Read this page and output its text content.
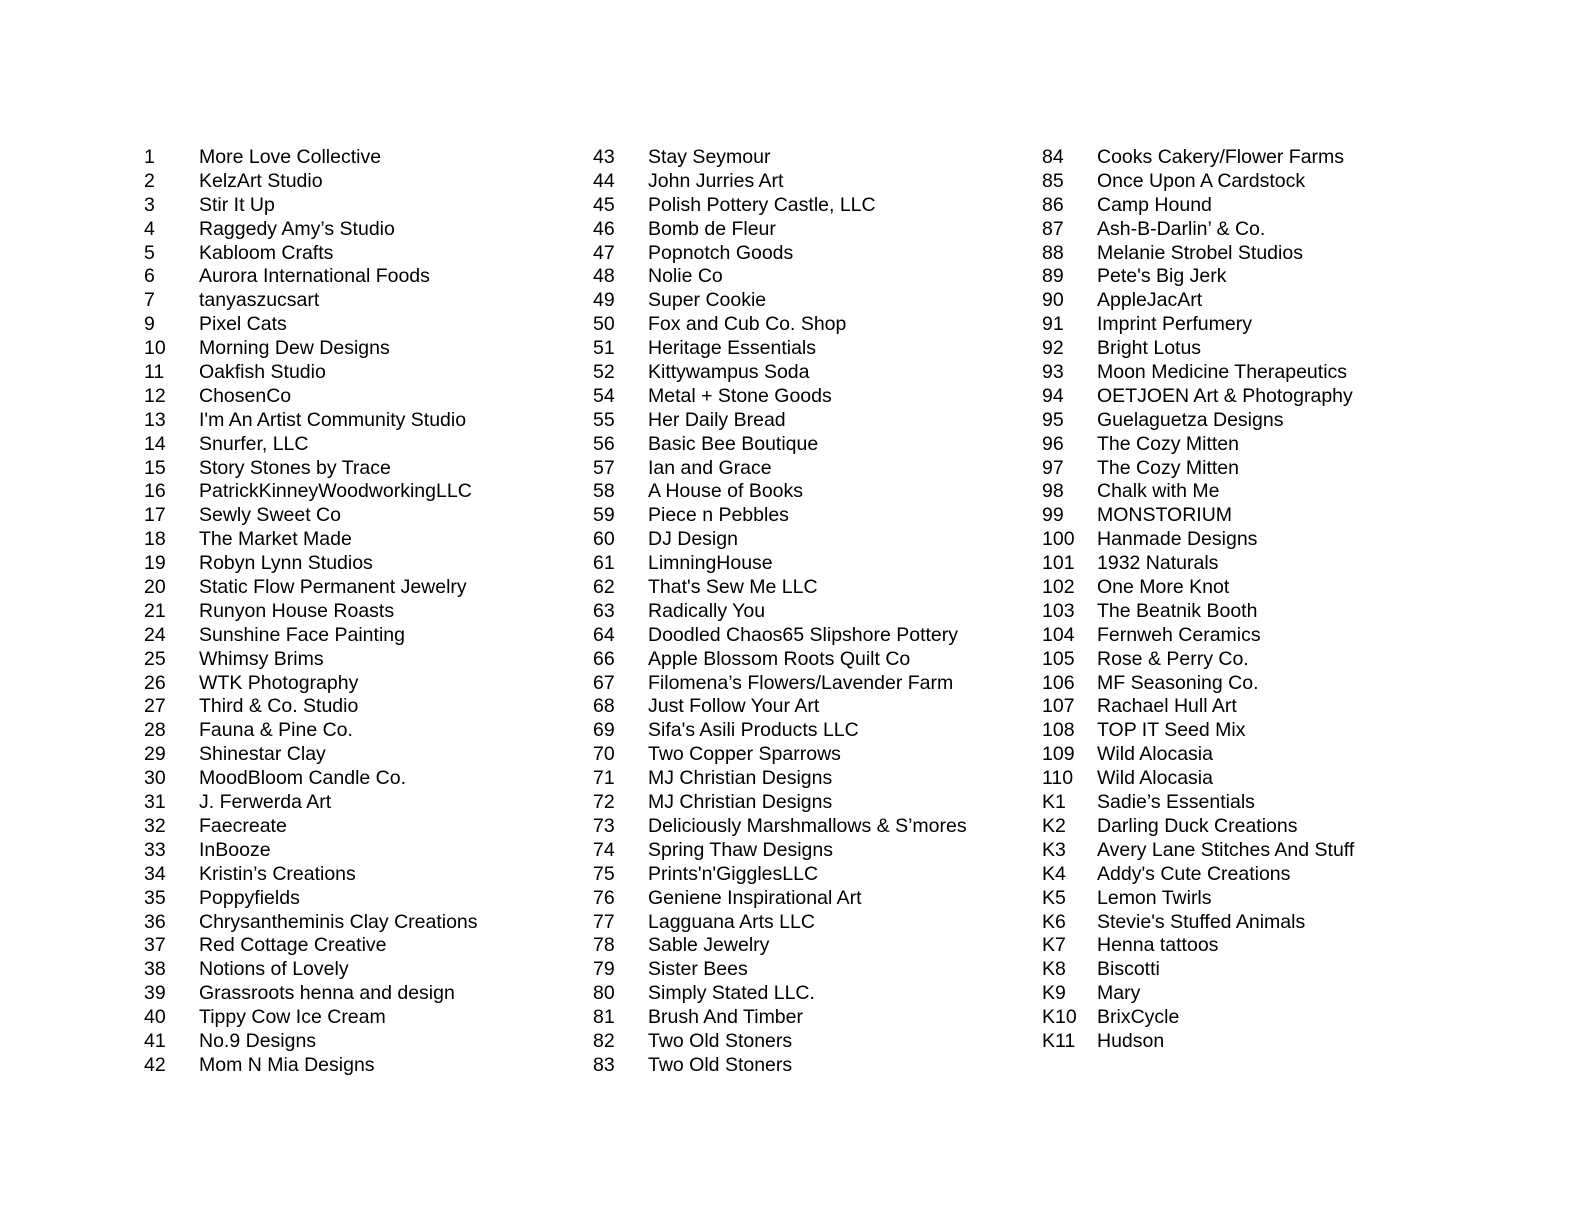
1	More Love Collective
2	KelzArt Studio
3	Stir It Up
4	Raggedy Amy’s Studio
5	Kabloom Crafts
6	Aurora International Foods
7	tanyaszucsart
9	Pixel Cats
10	Morning Dew Designs
11	Oakfish Studio
12	ChosenCo
13	I'm An Artist Community Studio
14	Snurfer, LLC
15	Story Stones by Trace
16	PatrickKinneyWoodworkingLLC
17	Sewly Sweet Co
18	The Market Made
19	Robyn Lynn Studios
20	Static Flow Permanent Jewelry
21	Runyon House Roasts
24	Sunshine Face Painting
25	Whimsy Brims
26	WTK Photography
27	Third & Co. Studio
28	Fauna & Pine Co.
29	Shinestar Clay
30	MoodBloom Candle Co.
31	J. Ferwerda Art
32	Faecreate
33	InBooze
34	Kristin’s Creations
35	Poppyfields
36	Chrysantheminis Clay Creations
37	Red Cottage Creative
38	Notions of Lovely
39	Grassroots henna and design
40	Tippy Cow Ice Cream
41	No.9 Designs
42	Mom N Mia Designs
43	Stay Seymour
44	John Jurries Art
45	Polish Pottery Castle, LLC
46	Bomb de Fleur
47	Popnotch Goods
48	Nolie Co
49	Super Cookie
50	Fox and Cub Co. Shop
51	Heritage Essentials
52	Kittywampus Soda
54	Metal + Stone Goods
55	Her Daily Bread
56	Basic Bee Boutique
57	Ian and Grace
58	A House of Books
59	Piece n Pebbles
60	DJ Design
61	LimningHouse
62	That's Sew Me LLC
63	Radically You
64	Doodled Chaos65 Slipshore Pottery
66	Apple Blossom Roots Quilt Co
67	Filomena’s Flowers/Lavender Farm
68	Just Follow Your Art
69	Sifa's Asili Products LLC
70	Two Copper Sparrows
71	MJ Christian Designs
72	MJ Christian Designs
73	Deliciously Marshmallows & S’mores
74	Spring Thaw Designs
75	Prints'n'GigglesLLC
76	Geniene Inspirational Art
77	Lagguana Arts LLC
78	Sable Jewelry
79	Sister Bees
80	Simply Stated LLC.
81	Brush And Timber
82	Two Old Stoners
83	Two Old Stoners
84	Cooks Cakery/Flower Farms
85	Once Upon A Cardstock
86	Camp Hound
87	Ash-B-Darlin’ & Co.
88	Melanie Strobel Studios
89	Pete's Big Jerk
90	AppleJacArt
91	Imprint Perfumery
92	Bright Lotus
93	Moon Medicine Therapeutics
94	OETJOEN Art & Photography
95	Guelaguetza Designs
96	The Cozy Mitten
97	The Cozy Mitten
98	Chalk with Me
99	MONSTORIUM
100	Hanmade Designs
101	1932 Naturals
102	One More Knot
103	The Beatnik Booth
104	Fernweh Ceramics
105	Rose & Perry Co.
106	MF Seasoning Co.
107	Rachael Hull Art
108	TOP IT Seed Mix
109	Wild Alocasia
110	Wild Alocasia
K1	Sadie’s Essentials
K2	Darling Duck Creations
K3	Avery Lane Stitches And Stuff
K4	Addy's Cute Creations
K5	Lemon Twirls
K6	Stevie's Stuffed Animals
K7	Henna tattoos
K8	Biscotti
K9	Mary
K10	BrixCycle
K11	Hudson
